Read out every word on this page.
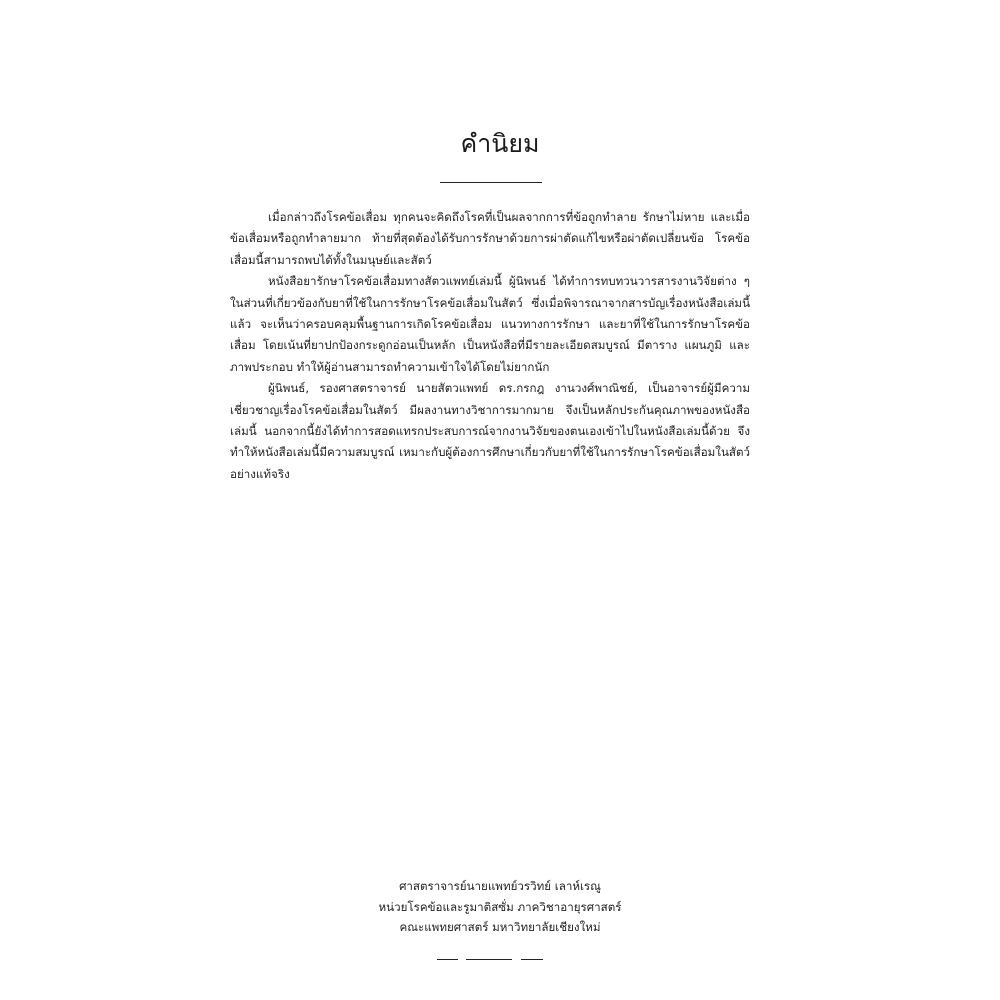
คำนิยม

เมื่อกล่าวถึงโรคข้อเสื่อม ทุกคนจะคิดถึงโรคที่เป็นผลจากการที่ข้อถูกทำลาย รักษาไม่หาย และเมื่อข้อเสื่อมหรือถูกทำลายมาก ท้ายที่สุดต้องได้รับการรักษาด้วยการผ่าตัดแก้ไขหรือผ่าตัดเปลี่ยนข้อ โรคข้อเสื่อมนี้สามารถพบได้ทั้งในมนุษย์และสัตว์

หนังสือยารักษาโรคข้อเสื่อมทางสัตวแพทย์เล่มนี้ ผู้นิพนธ์ ได้ทำการทบทวนวารสารงานวิจัยต่าง ๆ ในส่วนที่เกี่ยวข้องกับยาที่ใช้ในการรักษาโรคข้อเสื่อมในสัตว์ ซึ่งเมื่อพิจารณาจากสารบัญเรื่องหนังสือเล่มนี้แล้ว จะเห็นว่าครอบคลุมพื้นฐานการเกิดโรคข้อเสื่อม แนวทางการรักษา และยาที่ใช้ในการรักษาโรคข้อเสื่อม โดยเน้นที่ยาปกป้องกระดูกอ่อนเป็นหลัก เป็นหนังสือที่มีรายละเอียดสมบูรณ์ มีตาราง แผนภูมิ และภาพประกอบ ทำให้ผู้อ่านสามารถทำความเข้าใจได้โดยไม่ยากนัก

ผู้นิพนธ์, รองศาสตราจารย์ นายสัตวแพทย์ ดร.กรกฎ งานวงศ์พาณิชย์, เป็นอาจารย์ผู้มีความเชี่ยวชาญเรื่องโรคข้อเสื่อมในสัตว์ มีผลงานทางวิชาการมากมาย จึงเป็นหลักประกันคุณภาพของหนังสือเล่มนี้ นอกจากนี้ยังได้ทำการสอดแทรกประสบการณ์จากงานวิจัยของตนเองเข้าไปในหนังสือเล่มนี้ด้วย จึงทำให้หนังสือเล่มนี้มีความสมบูรณ์ เหมาะกับผู้ต้องการศึกษาเกี่ยวกับยาที่ใช้ในการรักษาโรคข้อเสื่อมในสัตว์อย่างแท้จริง

ศาสตราจารย์นายแพทย์วรวิทย์ เลาห์เรณู
หน่วยโรคข้อและรูมาติสซั่ม ภาควิชาอายุรศาสตร์
คณะแพทยศาสตร์ มหาวิทยาลัยเชียงใหม่
